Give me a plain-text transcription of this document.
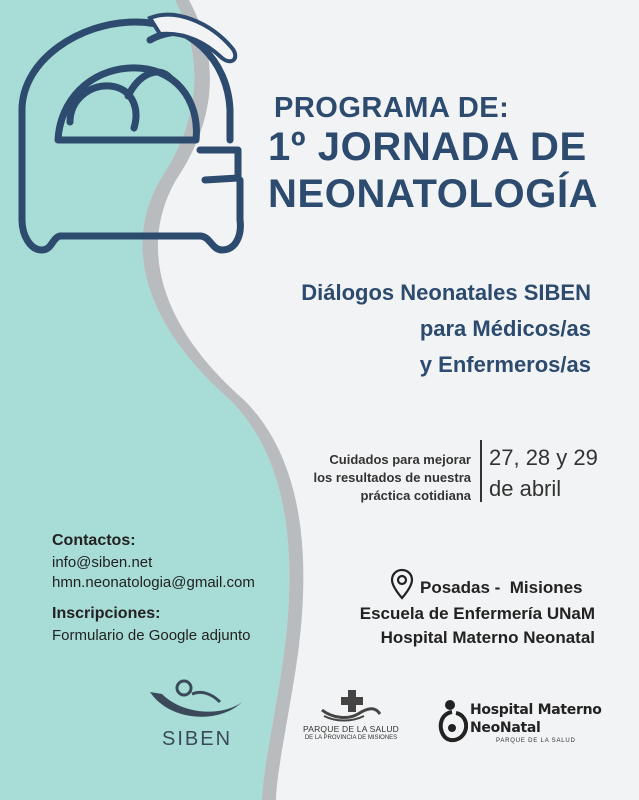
PROGRAMA DE:

1º JORNADA DE

NEONATOLOGÍA

Diálogos Neonatales SIBEN

para Médicos/as

y Enfermeros/as

Cuidados para mejorar

los resultados de nuestra

práctica cotidiana

27, 28 y 29

de abril

Contactos:

info@siben.net

hmn.neonatologia@gmail.com

Inscripciones:

Formulario de Google adjunto

Posadas -  Misiones

Escuela de Enfermería UNaM

Hospital Materno Neonatal

SIBEN	PARQUE DE LA SALUD
DE LA PROVINCIA DE MISIONES
Hospital Materno
NeoNatal
PARQUE DE LA SALUD
